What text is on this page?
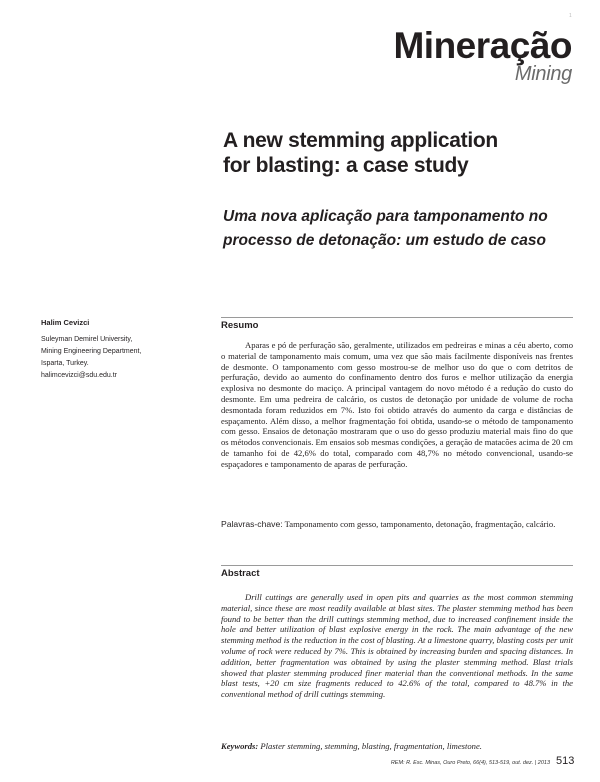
1
Mineração
Mining
A new stemming application
for blasting: a case study
Uma nova aplicação para tamponamento no
processo de detonação: um estudo de caso
Halim Cevizci
Suleyman Demirel University,
Mining Engineering Department,
Isparta, Turkey.
halimcevizci@sdu.edu.tr
Resumo

Aparas e pó de perfuração são, geralmente, utilizados em pedreiras e minas a céu aberto, como o material de tamponamento mais comum, uma vez que são mais facilmente disponíveis nas frentes de desmonte. O tamponamento com gesso mostrou-se de melhor uso do que o com detritos de perfuração, devido ao aumento do confinamento dentro dos furos e melhor utilização da energia explosiva no desmonte do maciço. A principal vantagem do novo método é a redução do custo do desmonte. Em uma pedreira de calcário, os custos de detonação por unidade de volume de rocha desmontada foram reduzidos em 7%. Isto foi obtido através do aumento da carga e distâncias de espaçamento. Além disso, a melhor fragmentação foi obtida, usando-se o método de tamponamento com gesso. Ensaios de detonação mostraram que o uso do gesso produziu material mais fino do que os métodos convencionais. Em ensaios sob mesmas condições, a geração de matacões acima de 20 cm de tamanho foi de 42,6% do total, comparado com 48,7% no método convencional, usando-se espaçadores e tamponamento de aparas de perfuração.

Palavras-chave: Tamponamento com gesso, tamponamento, detonação, fragmentação, calcário.
Abstract

Drill cuttings are generally used in open pits and quarries as the most common stemming material, since these are most readily available at blast sites. The plaster stemming method has been found to be better than the drill cuttings stemming method, due to increased confinement inside the hole and better utilization of blast explosive energy in the rock. The main advantage of the new stemming method is the reduction in the cost of blasting. At a limestone quarry, blasting costs per unit volume of rock were reduced by 7%. This is obtained by increasing burden and spacing distances. In addition, better fragmentation was obtained by using the plaster stemming method. Blast trials showed that plaster stemming produced finer material than the conventional methods. In the same blast tests, +20 cm size fragments reduced to 42.6% of the total, compared to 48.7% in the conventional method of drill cuttings stemming.

Keywords: Plaster stemming, stemming, blasting, fragmentation, limestone.
REM: R. Esc. Minas, Ouro Preto, 66(4), 513-519, out. dez. | 2013 513
